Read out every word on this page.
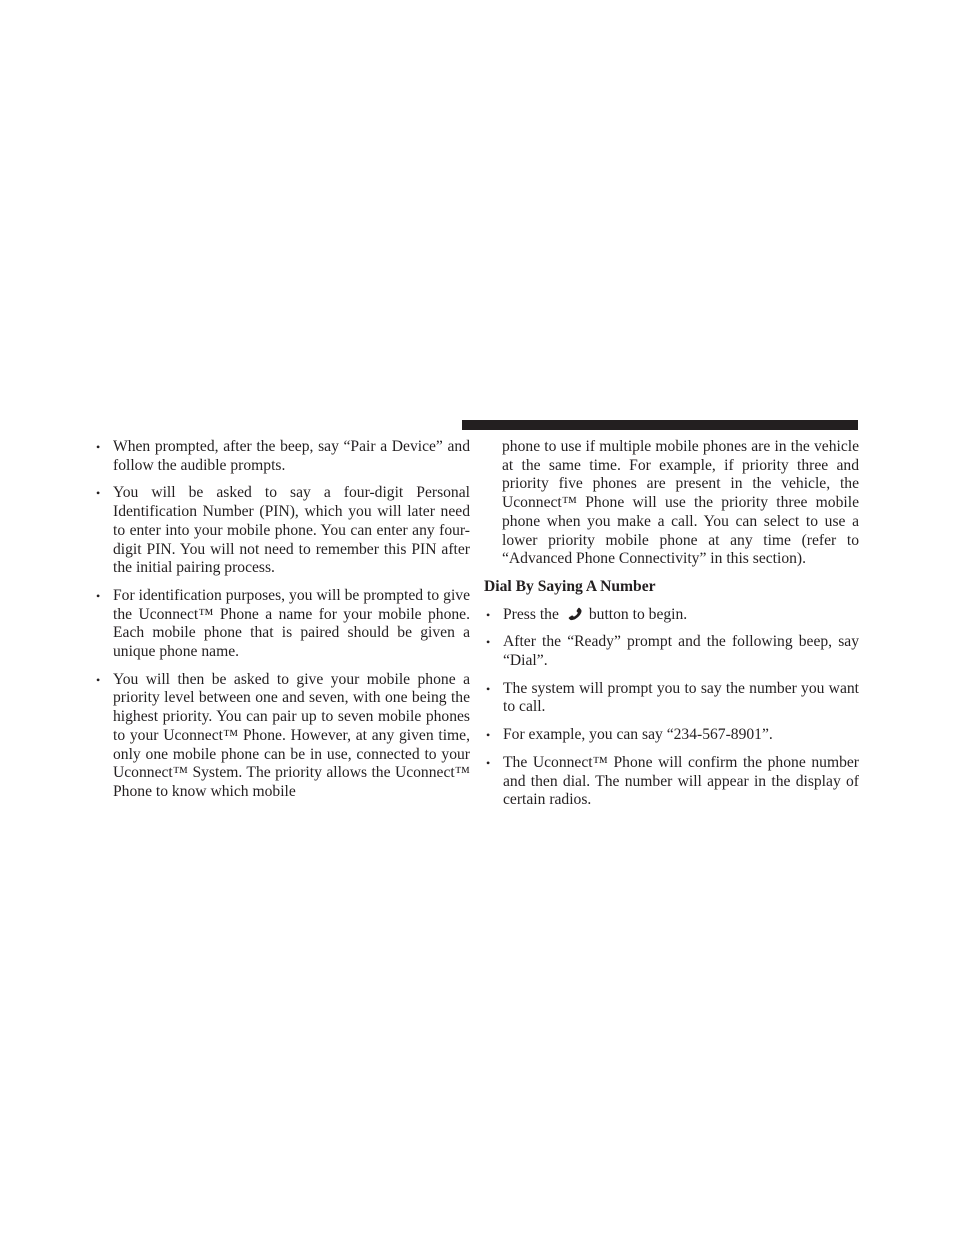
• When prompted, after the beep, say “Pair a Device” and follow the audible prompts.

• You will be asked to say a four-digit Personal Identification Number (PIN), which you will later need to enter into your mobile phone. You can enter any four-digit PIN. You will not need to remember this PIN after the initial pairing process.

• For identification purposes, you will be prompted to give the Uconnect™ Phone a name for your mobile phone. Each mobile phone that is paired should be given a unique phone name.

• You will then be asked to give your mobile phone a priority level between one and seven, with one being the highest priority. You can pair up to seven mobile phones to your Uconnect™ Phone. However, at any given time, only one mobile phone can be in use, connected to your Uconnect™ System. The priority allows the Uconnect™ Phone to know which mobile

phone to use if multiple mobile phones are in the vehicle at the same time. For example, if priority three and priority five phones are present in the vehicle, the Uconnect™ Phone will use the priority three mobile phone when you make a call. You can select to use a lower priority mobile phone at any time (refer to “Advanced Phone Connectivity” in this section).

Dial By Saying A Number

• Press the button to begin.

• After the “Ready” prompt and the following beep, say “Dial”.

• The system will prompt you to say the number you want to call.

• For example, you can say “234-567-8901”.

• The Uconnect™ Phone will confirm the phone number and then dial. The number will appear in the display of certain radios.
